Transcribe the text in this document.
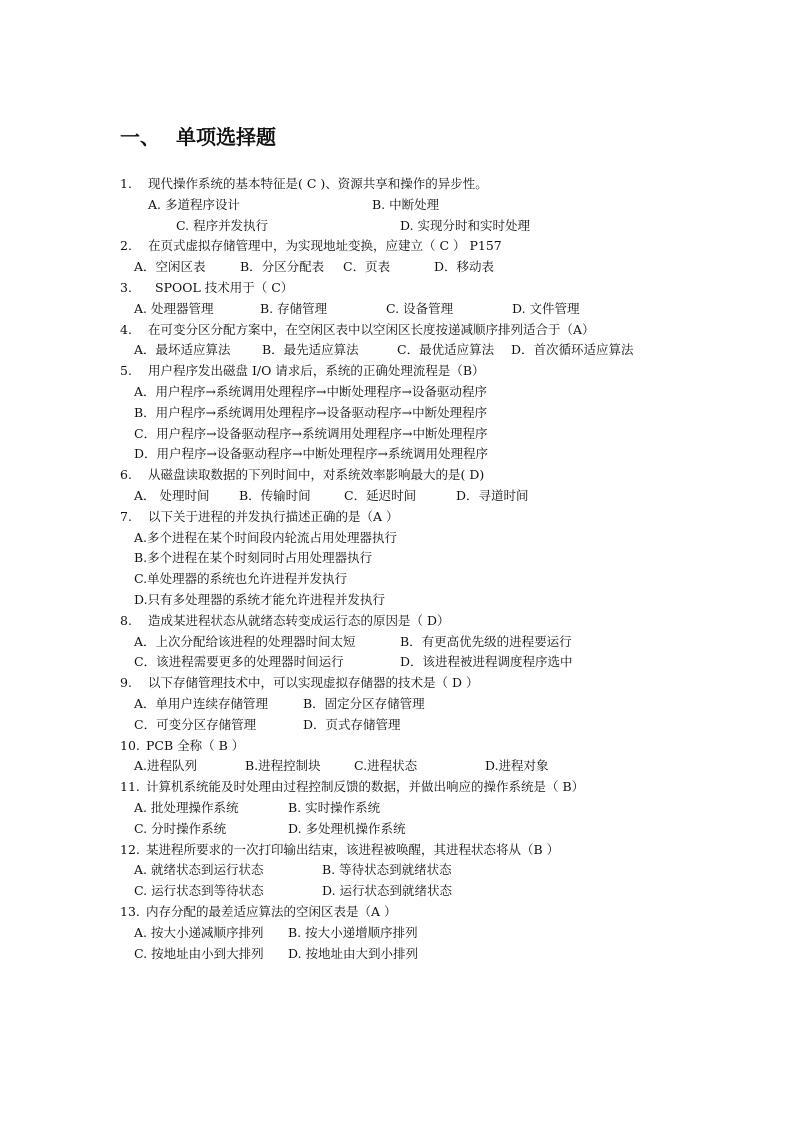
一、 单项选择题
1. 现代操作系统的基本特征是( C )、资源共享和操作的异步性。
A. 多道程序设计	B. 中断处理
C. 程序并发执行	D. 实现分时和实时处理
2. 在页式虚拟存储管理中，为实现地址变换，应建立（ C ） P157
A．空闲区表	B．分区分配表 C．页表	D．移动表
3. SPOOL 技术用于（ C）
A. 处理器管理	B. 存储管理	C. 设备管理	D. 文件管理
4. 在可变分区分配方案中，在空闲区表中以空闲区长度按递减顺序排列适合于（A）
A．最坏适应算法	B．最先适应算法	C．最优适应算法 D．首次循环适应算法
5. 用户程序发出磁盘 I/O 请求后，系统的正确处理流程是（B）
A．用户程序→系统调用处理程序→中断处理程序→设备驱动程序
B．用户程序→系统调用处理程序→设备驱动程序→中断处理程序
C．用户程序→设备驱动程序→系统调用处理程序→中断处理程序
D．用户程序→设备驱动程序→中断处理程序→系统调用处理程序
6. 从磁盘读取数据的下列时间中，对系统效率影响最大的是( D)
A． 处理时间 B．传输时间	C．延迟时间	D．寻道时间
7. 以下关于进程的并发执行描述正确的是（A ）
A.多个进程在某个时间段内轮流占用处理器执行
B.多个进程在某个时刻同时占用处理器执行
C.单处理器的系统也允许进程并发执行
D.只有多处理器的系统才能允许进程并发执行
8. 造成某进程状态从就绪态转变成运行态的原因是（ D）
A．上次分配给该进程的处理器时间太短	B．有更高优先级的进程要运行
C．该进程需要更多的处理器时间运行	D．该进程被进程调度程序选中
9. 以下存储管理技术中，可以实现虚拟存储器的技术是（ D ）
A．单用户连续存储管理	B．固定分区存储管理
C．可变分区存储管理	D．页式存储管理
10. PCB 全称（ B ）
A.进程队列	B.进程控制块	C.进程状态	D.进程对象
11. 计算机系统能及时处理由过程控制反馈的数据，并做出响应的操作系统是（ B）
A. 批处理操作系统	B. 实时操作系统
C. 分时操作系统	D. 多处理机操作系统
12. 某进程所要求的一次打印输出结束，该进程被唤醒，其进程状态将从（B ）
A. 就绪状态到运行状态	B. 等待状态到就绪状态
C. 运行状态到等待状态	D. 运行状态到就绪状态
13. 内存分配的最差适应算法的空闲区表是（A ）
A. 按大小递减顺序排列 B. 按大小递增顺序排列
C. 按地址由小到大排列 D. 按地址由大到小排列
